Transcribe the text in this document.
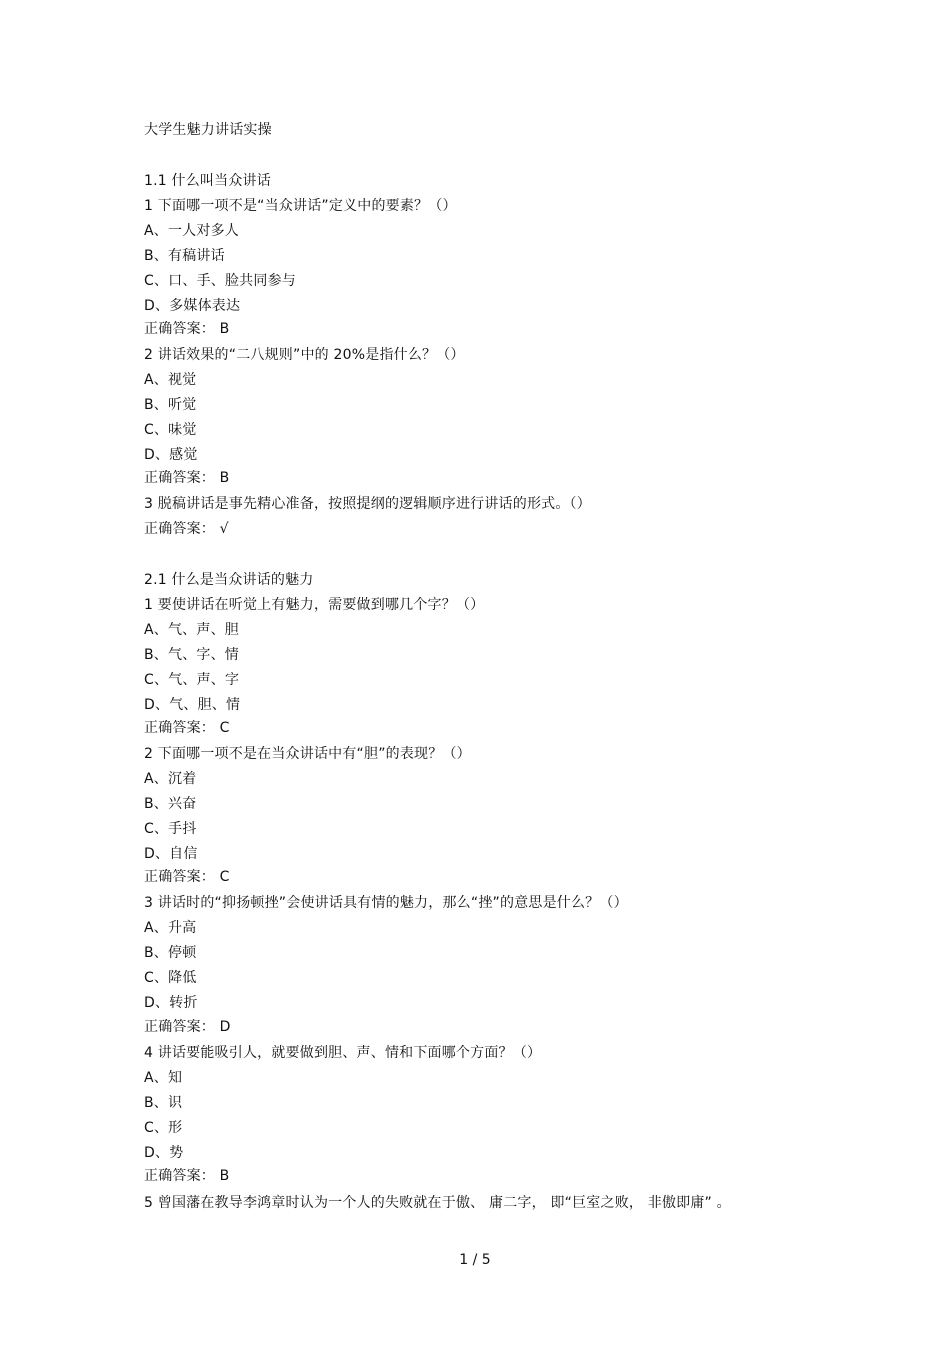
大学生魅力讲话实操
1.1 什么叫当众讲话
1 下面哪一项不是“当众讲话”定义中的要素？（）
A、一人对多人
B、有稿讲话
C、口、手、脸共同参与
D、多媒体表达
正确答案： B
2 讲话效果的“二八规则”中的 20%是指什么？（）
A、视觉
B、听觉
C、味觉
D、感觉
正确答案： B
3 脱稿讲话是事先精心准备，按照提纲的逻辑顺序进行讲话的形式。（）
正确答案： √
2.1 什么是当众讲话的魅力
1 要使讲话在听觉上有魅力，需要做到哪几个字？（）
A、气、声、胆
B、气、字、情
C、气、声、字
D、气、胆、情
正确答案： C
2 下面哪一项不是在当众讲话中有“胆”的表现？（）
A、沉着
B、兴奋
C、手抖
D、自信
正确答案： C
3 讲话时的“抑扬顿挫”会使讲话具有情的魅力，那么“挫”的意思是什么？（）
A、升高
B、停顿
C、降低
D、转折
正确答案： D
4 讲话要能吸引人，就要做到胆、声、情和下面哪个方面？（）
A、知
B、识
C、形
D、势
正确答案： B
5 曾国藩在教导李鸿章时认为一个人的失败就在于傲、 庸二字， 即“巨室之败， 非傲即庸” 。
1 / 5
